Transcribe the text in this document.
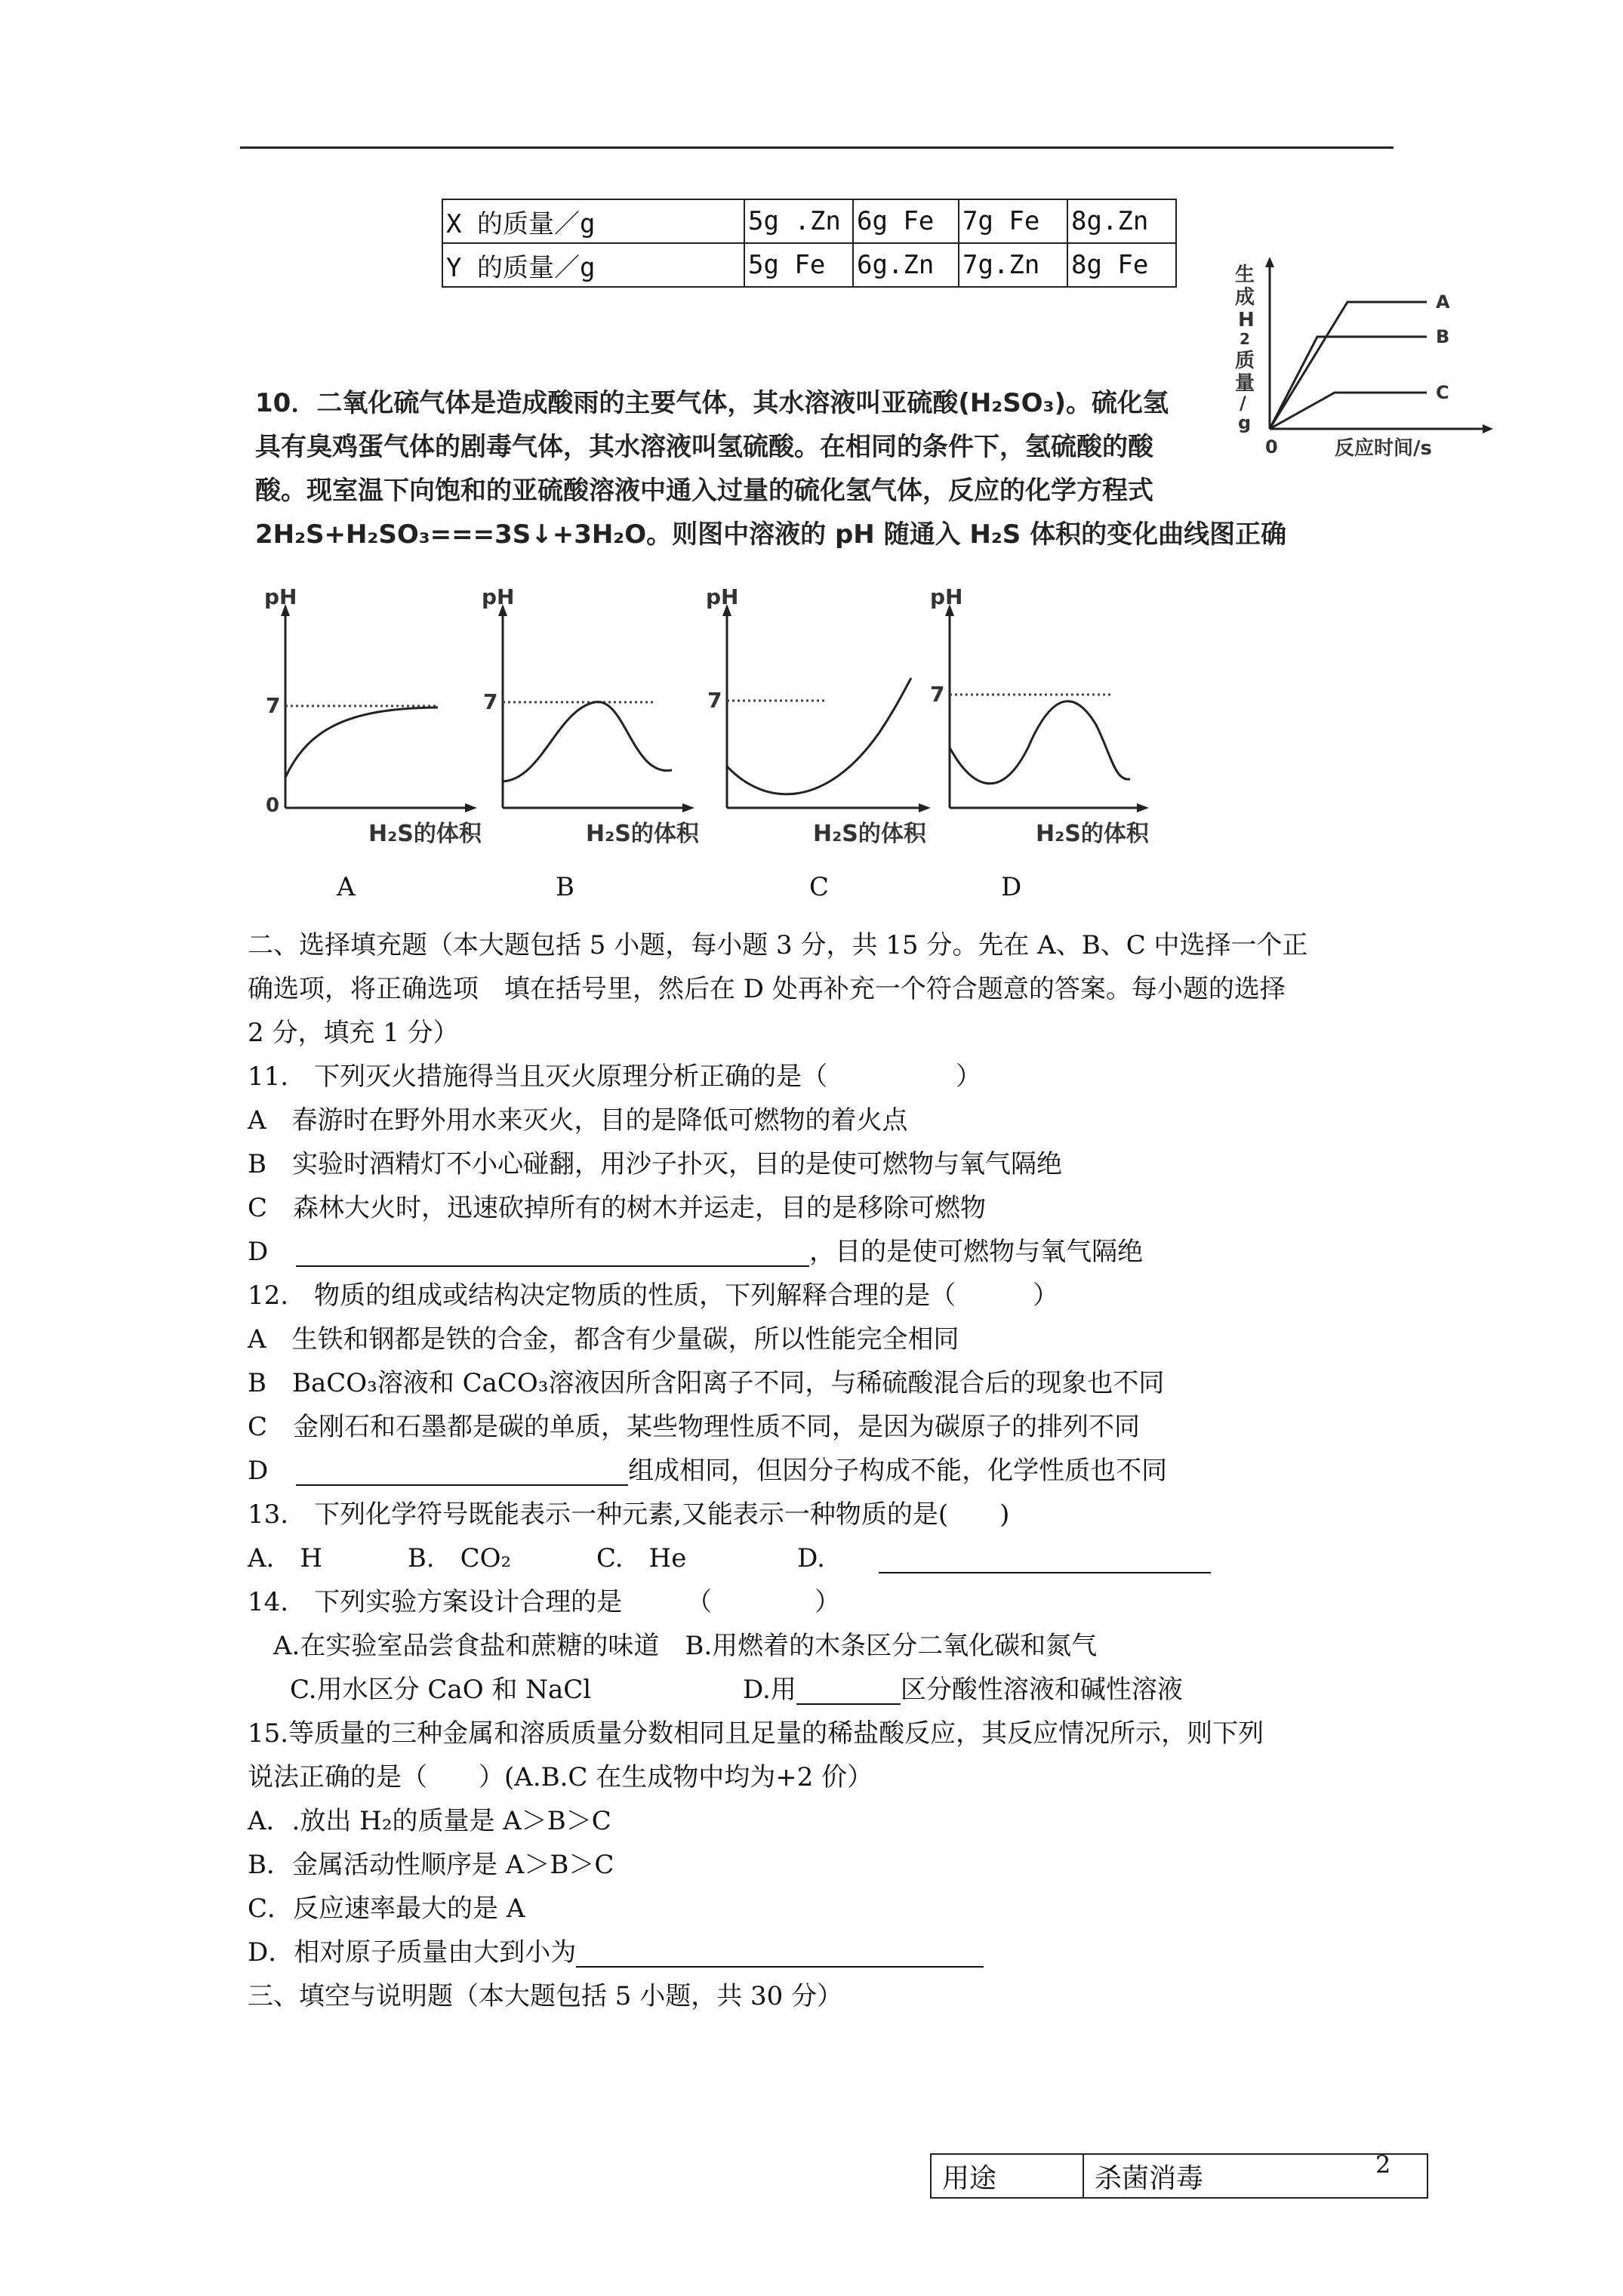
X 的质量／g	5g .Zn	6g Fe	7g Fe	8g.Zn
Y 的质量／g	5g Fe	6g.Zn	7g.Zn	8g Fe
A
B
C
0	反应时间/s
生
成
H
2
质
量
/
g
10．二氧化硫气体是造成酸雨的主要气体，其水溶液叫亚硫酸(H₂SO₃)。硫化氢
具有臭鸡蛋气体的剧毒气体，其水溶液叫氢硫酸。在相同的条件下，氢硫酸的酸
酸。现室温下向饱和的亚硫酸溶液中通入过量的硫化氢气体，反应的化学方程式
2H₂S+H₂SO₃===3S↓+3H₂O。则图中溶液的 pH 随通入 H₂S 体积的变化曲线图正确
pH
7
0
H₂S的体积
pH
7
H₂S的体积
pH
7
H₂S的体积
pH
7
H₂S的体积
A	B	C	D
二、选择填充题（本大题包括 5 小题，每小题 3 分，共 15 分。先在 A、B、C 中选择一个正
确选项，将正确选项　填在括号里，然后在 D 处再补充一个符合题意的答案。每小题的选择
2 分，填充 1 分）
11.　下列灭火措施得当且灭火原理分析正确的是（　　　　　）
A　春游时在野外用水来灭火，目的是降低可燃物的着火点
B　实验时酒精灯不小心碰翻，用沙子扑灭，目的是使可燃物与氧气隔绝
C　森林大火时，迅速砍掉所有的树木并运走，目的是移除可燃物
D	，目的是使可燃物与氧气隔绝
12.　物质的组成或结构决定物质的性质，下列解释合理的是（　　　）
A　生铁和钢都是铁的合金，都含有少量碳，所以性能完全相同
B　BaCO₃溶液和 CaCO₃溶液因所含阳离子不同，与稀硫酸混合后的现象也不同
C　金刚石和石墨都是碳的单质，某些物理性质不同，是因为碳原子的排列不同
D	组成相同，但因分子构成不能，化学性质也不同
13.　下列化学符号既能表示一种元素,又能表示一种物质的是(　　)
A.　H　　　 B.　CO₂　　　 C.　He　　　　 D.
14.　下列实验方案设计合理的是　　　（　　　　）
A.在实验室品尝食盐和蔗糖的味道　B.用燃着的木条区分二氧化碳和氮气
C.用水区分 CaO 和 NaCl	D.用	区分酸性溶液和碱性溶液
15.等质量的三种金属和溶质质量分数相同且足量的稀盐酸反应，其反应情况所示，则下列
说法正确的是（　　）(A.B.C 在生成物中均为+2 价）
A．.放出 H₂的质量是 A＞B＞C
B．金属活动性顺序是 A＞B＞C
C．反应速率最大的是 A
D．相对原子质量由大到小为
三、填空与说明题（本大题包括 5 小题，共 30 分）
用途	杀菌消毒	2
